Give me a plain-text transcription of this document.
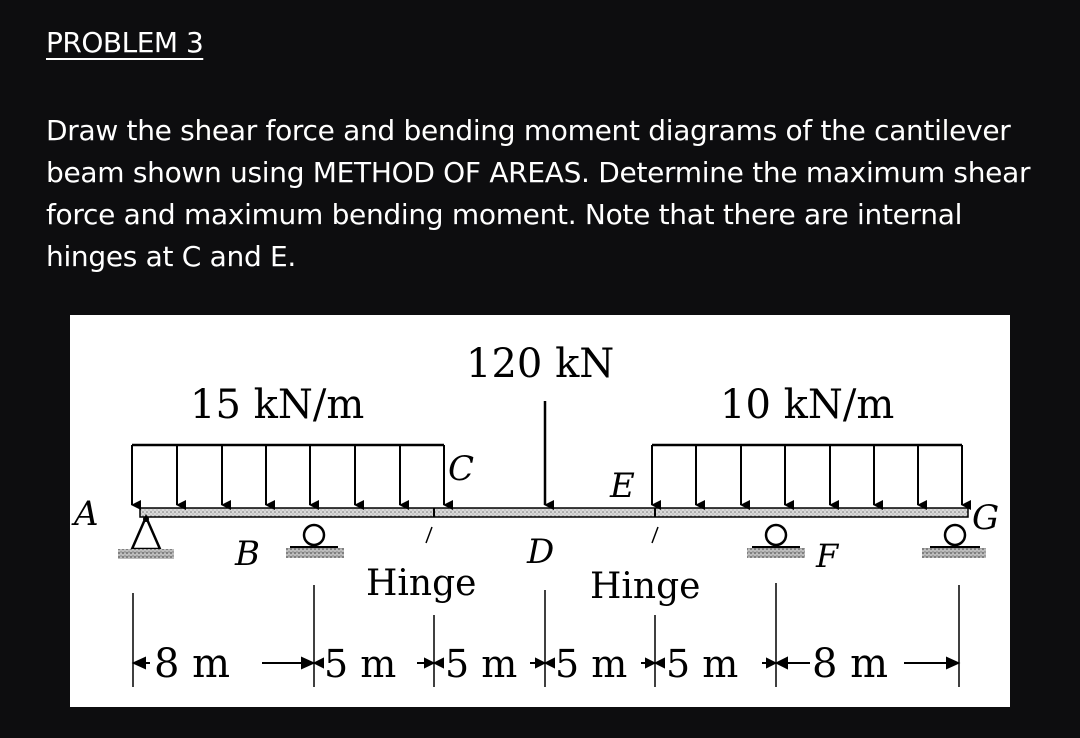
PROBLEM 3

Draw the shear force and bending moment diagrams of the cantilever beam shown using METHOD OF AREAS. Determine the maximum shear force and maximum bending moment. Note that there are internal hinges at C and E.

15 kN/m
120 kN
10 kN/m
A
B
C
Hinge
D
E
Hinge
F
G
8 m 5 m 5 m 5 m 5 m 8 m
